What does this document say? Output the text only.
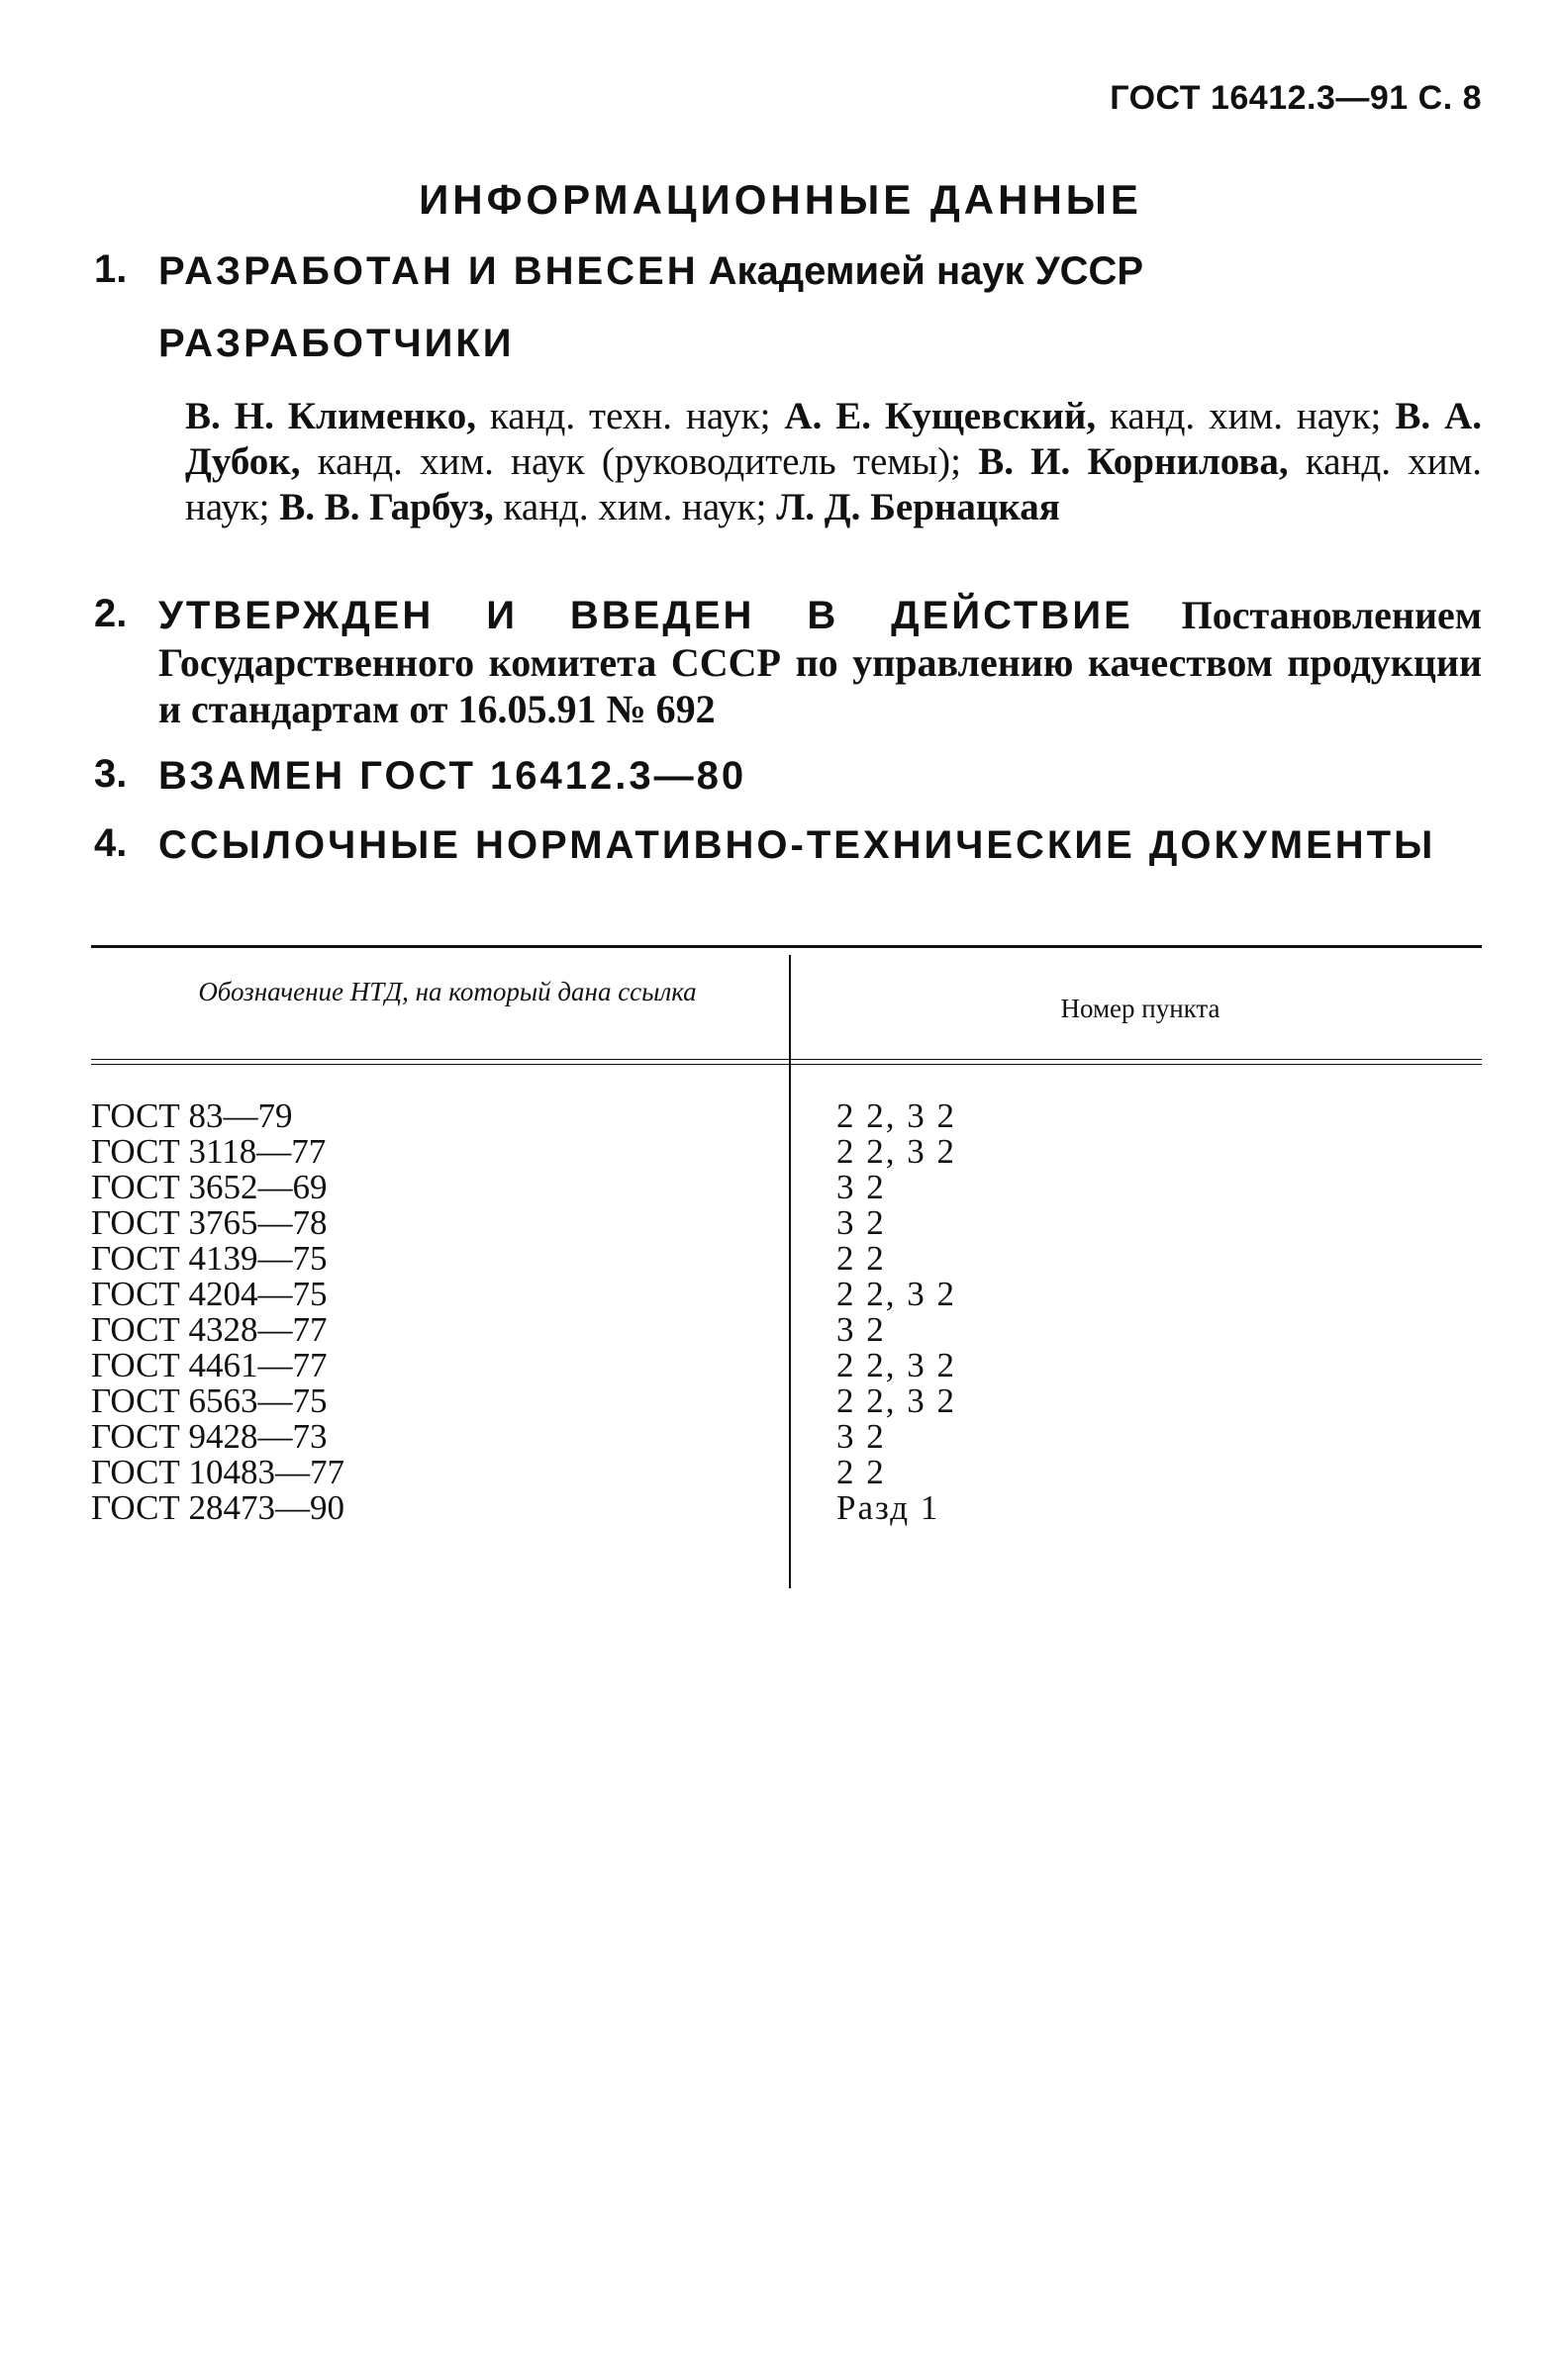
ГОСТ 16412.3—91 С. 8
ИНФОРМАЦИОННЫЕ ДАННЫЕ
1. РАЗРАБОТАН И ВНЕСЕН Академией наук УССР
РАЗРАБОТЧИКИ
В. Н. Клименко, канд. техн. наук; А. Е. Кущевский, канд. хим. наук; В. А. Дубок, канд. хим. наук (руководитель темы); В. И. Корнилова, канд. хим. наук; В. В. Гарбуз, канд. хим. наук; Л. Д. Бернацкая
2. УТВЕРЖДЕН И ВВЕДЕН В ДЕЙСТВИЕ Постановлением Государственного комитета СССР по управлению качеством продукции и стандартам от 16.05.91 № 692
3. ВЗАМЕН ГОСТ 16412.3—80
4. ССЫЛОЧНЫЕ НОРМАТИВНО-ТЕХНИЧЕСКИЕ ДОКУМЕНТЫ
Обозначение НТД, на который дана ссылка
Номер пункта
ГОСТ 83—79	2 2, 3 2
ГОСТ 3118—77	2 2, 3 2
ГОСТ 3652—69	3 2
ГОСТ 3765—78	3 2
ГОСТ 4139—75	2 2
ГОСТ 4204—75	2 2, 3 2
ГОСТ 4328—77	3 2
ГОСТ 4461—77	2 2, 3 2
ГОСТ 6563—75	2 2, 3 2
ГОСТ 9428—73	3 2
ГОСТ 10483—77	2 2
ГОСТ 28473—90	Разд 1
